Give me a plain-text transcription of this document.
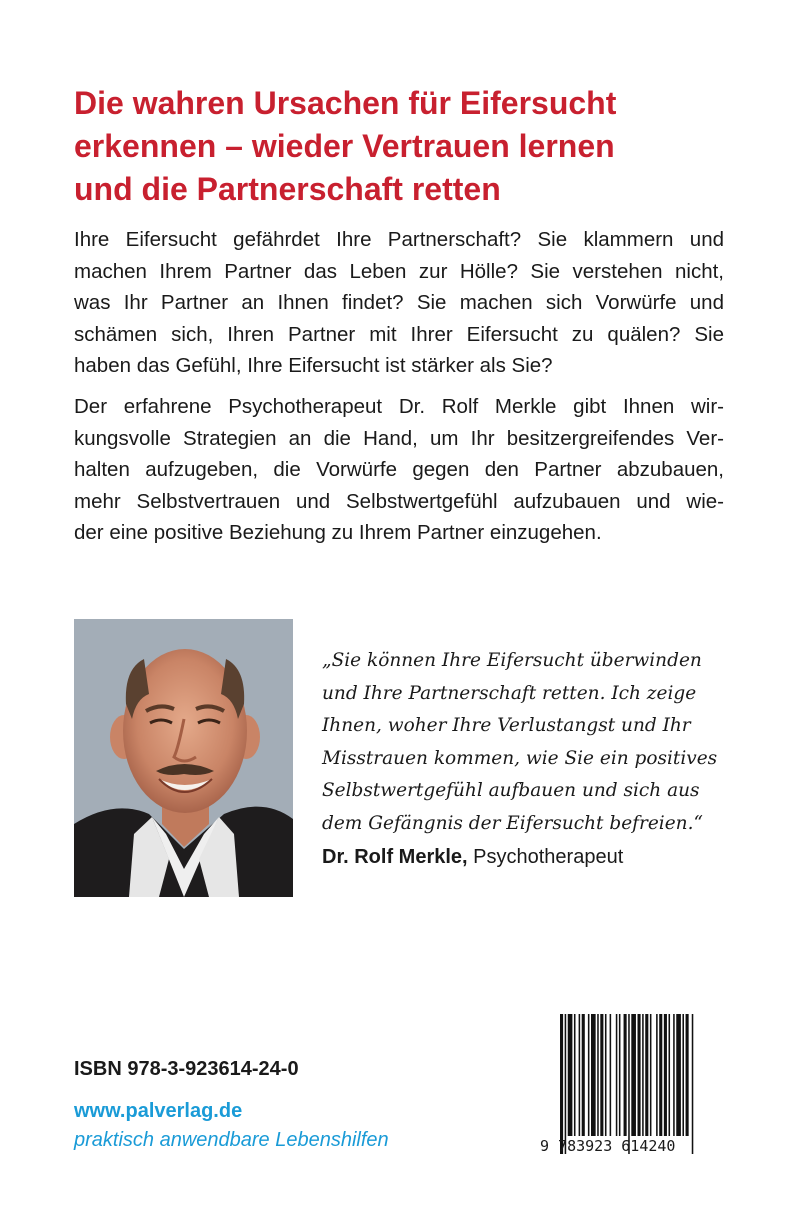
Die wahren Ursachen für Eifersucht
erkennen – wieder Vertrauen lernen
und die Partnerschaft retten
Ihre Eifersucht gefährdet Ihre Partnerschaft? Sie klammern und
machen Ihrem Partner das Leben zur Hölle? Sie verstehen nicht,
was Ihr Partner an Ihnen findet? Sie machen sich Vorwürfe und
schämen sich, Ihren Partner mit Ihrer Eifersucht zu quälen? Sie
haben das Gefühl, Ihre Eifersucht ist stärker als Sie?
Der erfahrene Psychotherapeut Dr. Rolf Merkle gibt Ihnen wir-
kungsvolle Strategien an die Hand, um Ihr besitzergreifendes Ver-
halten aufzugeben, die Vorwürfe gegen den Partner abzubauen,
mehr Selbstvertrauen und Selbstwertgefühl aufzubauen und wie-
der eine positive Beziehung zu Ihrem Partner einzugehen.
„Sie können Ihre Eifersucht überwinden
und Ihre Partnerschaft retten. Ich zeige
Ihnen, woher Ihre Verlustangst und Ihr
Misstrauen kommen, wie Sie ein positives
Selbstwertgefühl aufbauen und sich aus
dem Gefängnis der Eifersucht befreien.“
Dr. Rolf Merkle, Psychotherapeut
ISBN 978-3-923614-24-0
www.palverlag.de
praktisch anwendbare Lebenshilfen	9 783923 614240
